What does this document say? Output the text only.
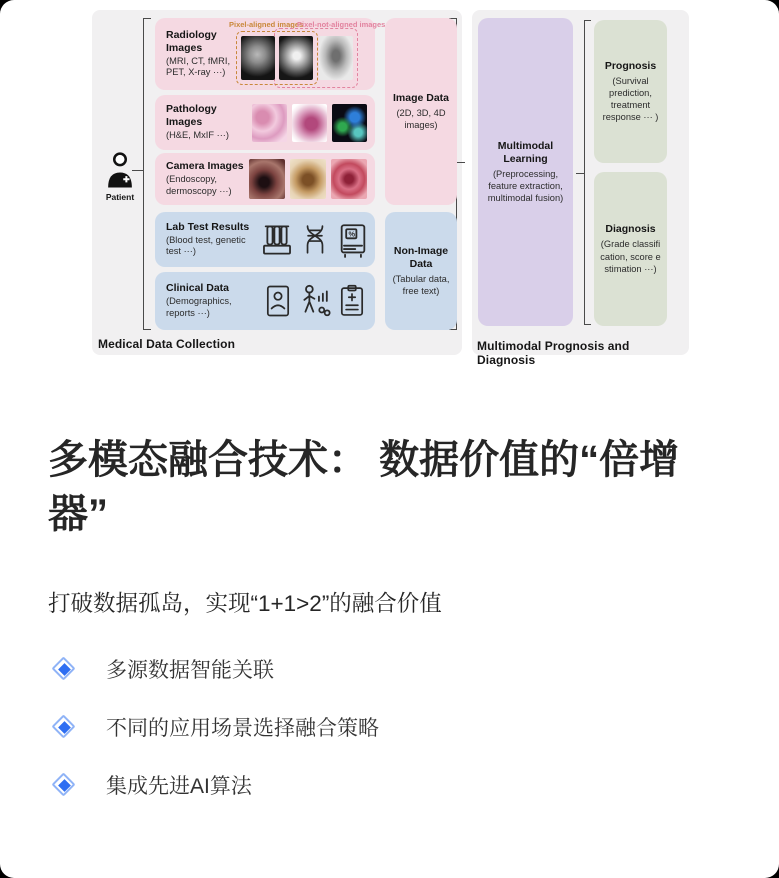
Patient
Radiology Images
(MRI, CT, fMRI, PET, X-ray ···)
Pixel-aligned images
Pixel-not-aligned images
Pathology Images
(H&E, MxIF ···)
Camera Images
(Endoscopy, dermoscopy ···)
Lab Test Results
(Blood test, genetic test ···)
%
Clinical Data
(Demographics, reports ···)
Image Data
(2D, 3D, 4D images)
Non-Image Data
(Tabular data, free text)
Medical Data Collection
Multimodal Learning
(Preprocessing, feature extraction, multimodal fusion)
Prognosis
(Survival prediction, treatment response ··· )
Diagnosis
(Grade classification, score estimation ···)
Multimodal Prognosis and Diagnosis
多模态融合技术： 数据价值的“倍增
器”
打破数据孤岛，实现“1+1>2”的融合价值
多源数据智能关联
不同的应用场景选择融合策略
集成先进AI算法
